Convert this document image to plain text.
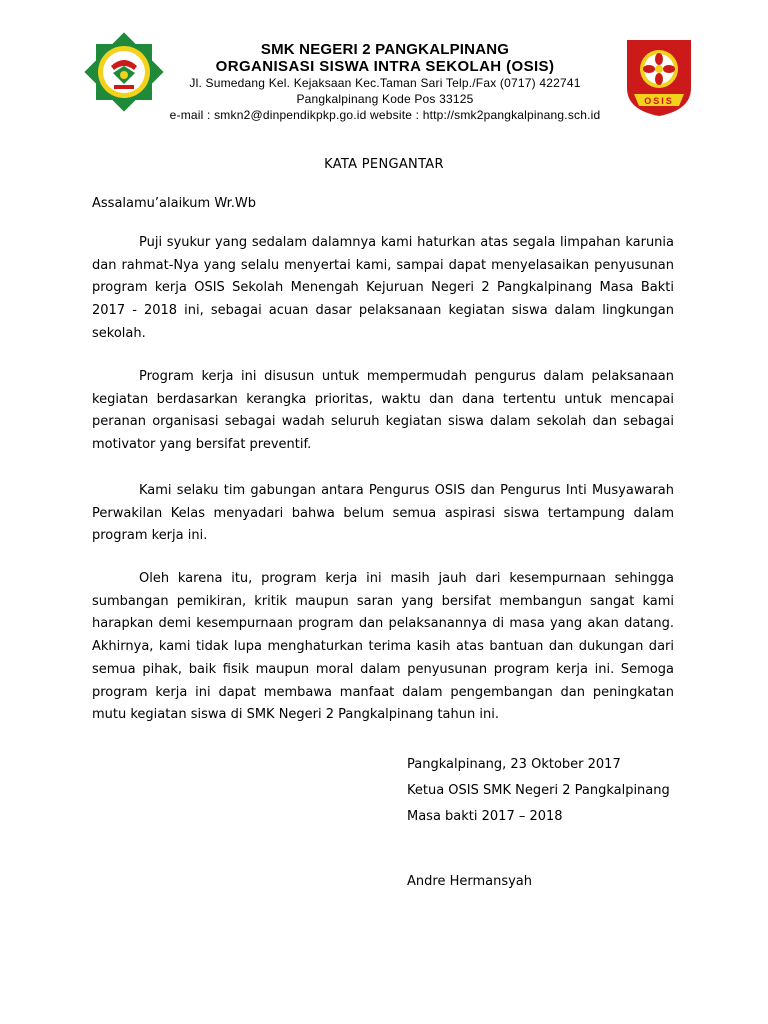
SMK NEGERI 2 PANGKALPINANG
ORGANISASI SISWA INTRA SEKOLAH (OSIS)
Jl. Sumedang Kel. Kejaksaan Kec.Taman Sari Telp./Fax (0717) 422741
Pangkalpinang Kode Pos 33125
e-mail : smkn2@dinpendikpkp.go.id website : http://smk2pangkalpinang.sch.id
OSIS
KATA PENGANTAR
Assalamu’alaikum Wr.Wb

Puji syukur yang sedalam dalamnya kami haturkan atas segala limpahan karunia dan rahmat-Nya yang selalu menyertai kami, sampai dapat menyelasaikan penyusunan program kerja OSIS Sekolah Menengah Kejuruan Negeri 2 Pangkalpinang Masa Bakti 2017 - 2018 ini, sebagai acuan dasar pelaksanaan kegiatan siswa dalam lingkungan sekolah.

Program kerja ini disusun untuk mempermudah pengurus dalam pelaksanaan kegiatan berdasarkan kerangka prioritas, waktu dan dana tertentu untuk mencapai peranan organisasi sebagai wadah seluruh kegiatan siswa dalam sekolah dan sebagai motivator yang bersifat preventif.

Kami selaku tim gabungan antara Pengurus OSIS dan Pengurus Inti Musyawarah Perwakilan Kelas menyadari bahwa belum semua aspirasi siswa tertampung dalam program kerja ini.

Oleh karena itu, program kerja ini masih jauh dari kesempurnaan sehingga sumbangan pemikiran, kritik maupun saran yang bersifat membangun sangat kami harapkan demi kesempurnaan program dan pelaksanannya di masa yang akan datang. Akhirnya, kami tidak lupa menghaturkan terima kasih atas bantuan dan dukungan dari semua pihak, baik fisik maupun moral dalam penyusunan program kerja ini. Semoga program kerja ini dapat membawa manfaat dalam pengembangan dan peningkatan mutu kegiatan siswa di SMK Negeri 2 Pangkalpinang tahun ini.

Pangkalpinang, 23 Oktober 2017
Ketua OSIS SMK Negeri 2 Pangkalpinang
Masa bakti 2017 – 2018
Andre Hermansyah
